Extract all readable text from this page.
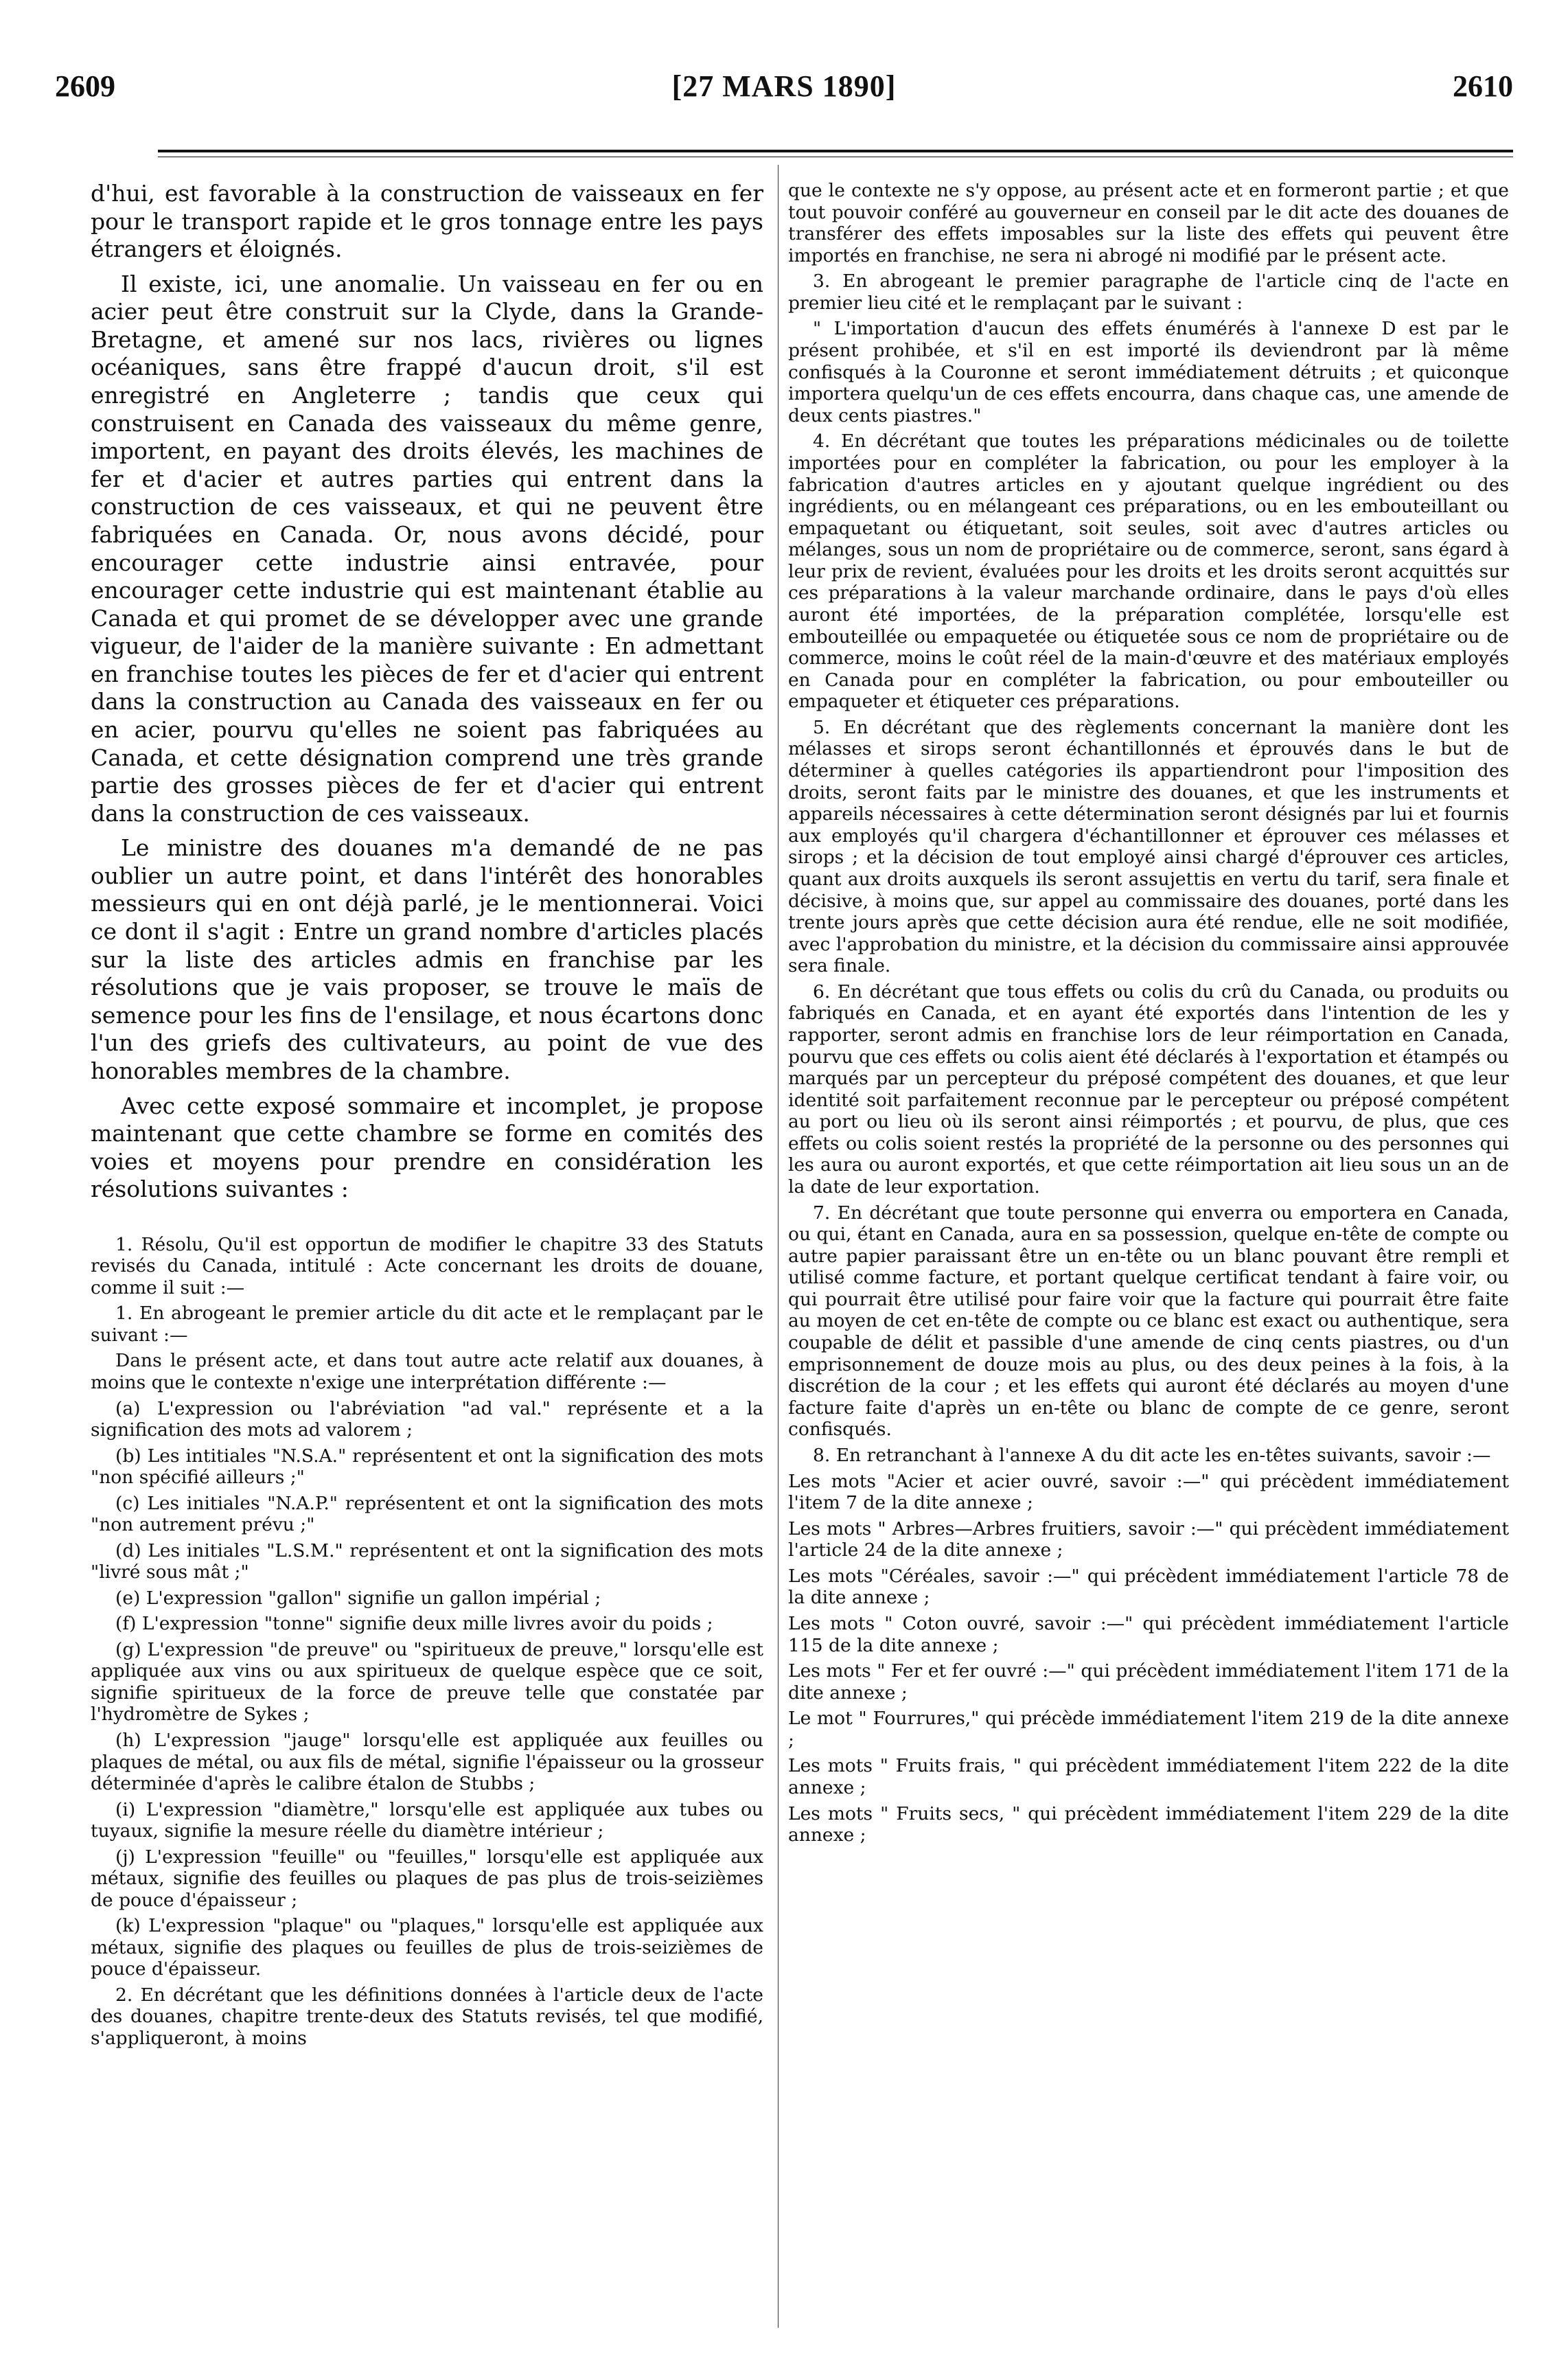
[27 MARS 1890]
2609	2610

d'hui, est favorable à la construction de vaisseaux en fer pour le transport rapide et le gros tonnage entre les pays étrangers et éloignés.

Il existe, ici, une anomalie. Un vaisseau en fer ou en acier peut être construit sur la Clyde, dans la Grande-Bretagne, et amené sur nos lacs, rivières ou lignes océaniques, sans être frappé d'aucun droit, s'il est enregistré en Angleterre ; tandis que ceux qui construisent en Canada des vaisseaux du même genre, importent, en payant des droits élevés, les machines de fer et d'acier et autres parties qui entrent dans la construction de ces vaisseaux, et qui ne peuvent être fabriquées en Canada. Or, nous avons décidé, pour encourager cette industrie ainsi entravée, pour encourager cette industrie qui est maintenant établie au Canada et qui promet de se développer avec une grande vigueur, de l'aider de la manière suivante : En admettant en franchise toutes les pièces de fer et d'acier qui entrent dans la construction au Canada des vaisseaux en fer ou en acier, pourvu qu'elles ne soient pas fabriquées au Canada, et cette désignation comprend une très grande partie des grosses pièces de fer et d'acier qui entrent dans la construction de ces vaisseaux.

Le ministre des douanes m'a demandé de ne pas oublier un autre point, et dans l'intérêt des honorables messieurs qui en ont déjà parlé, je le mentionnerai. Voici ce dont il s'agit : Entre un grand nombre d'articles placés sur la liste des articles admis en franchise par les résolutions que je vais proposer, se trouve le maïs de semence pour les fins de l'ensilage, et nous écartons donc l'un des griefs des cultivateurs, au point de vue des honorables membres de la chambre.

Avec cette exposé sommaire et incomplet, je propose maintenant que cette chambre se forme en comités des voies et moyens pour prendre en considération les résolutions suivantes :

1. Résolu, Qu'il est opportun de modifier le chapitre 33 des Statuts revisés du Canada, intitulé : Acte concernant les droits de douane, comme il suit :—

1. En abrogeant le premier article du dit acte et le remplaçant par le suivant :—

Dans le présent acte, et dans tout autre acte relatif aux douanes, à moins que le contexte n'exige une interprétation différente :—

(a) L'expression ou l'abréviation "ad val." représente et a la signification des mots ad valorem ;

(b) Les intitiales "N.S.A." représentent et ont la signification des mots "non spécifié ailleurs ;"

(c) Les initiales "N.A.P." représentent et ont la signification des mots "non autrement prévu ;"

(d) Les initiales "L.S.M." représentent et ont la signification des mots "livré sous mât ;"

(e) L'expression "gallon" signifie un gallon impérial ;

(f) L'expression "tonne" signifie deux mille livres avoir du poids ;

(g) L'expression "de preuve" ou "spiritueux de preuve," lorsqu'elle est appliquée aux vins ou aux spiritueux de quelque espèce que ce soit, signifie spiritueux de la force de preuve telle que constatée par l'hydromètre de Sykes ;

(h) L'expression "jauge" lorsqu'elle est appliquée aux feuilles ou plaques de métal, ou aux fils de métal, signifie l'épaisseur ou la grosseur déterminée d'après le calibre étalon de Stubbs ;

(i) L'expression "diamètre," lorsqu'elle est appliquée aux tubes ou tuyaux, signifie la mesure réelle du diamètre intérieur ;

(j) L'expression "feuille" ou "feuilles," lorsqu'elle est appliquée aux métaux, signifie des feuilles ou plaques de pas plus de trois-seizièmes de pouce d'épaisseur ;

(k) L'expression "plaque" ou "plaques," lorsqu'elle est appliquée aux métaux, signifie des plaques ou feuilles de plus de trois-seizièmes de pouce d'épaisseur.

2. En décrétant que les définitions données à l'article deux de l'acte des douanes, chapitre trente-deux des Statuts revisés, tel que modifié, s'appliqueront, à moins

que le contexte ne s'y oppose, au présent acte et en formeront partie ; et que tout pouvoir conféré au gouverneur en conseil par le dit acte des douanes de transférer des effets imposables sur la liste des effets qui peuvent être importés en franchise, ne sera ni abrogé ni modifié par le présent acte.

3. En abrogeant le premier paragraphe de l'article cinq de l'acte en premier lieu cité et le remplaçant par le suivant :

" L'importation d'aucun des effets énumérés à l'annexe D est par le présent prohibée, et s'il en est importé ils deviendront par là même confisqués à la Couronne et seront immédiatement détruits ; et quiconque importera quelqu'un de ces effets encourra, dans chaque cas, une amende de deux cents piastres."

4. En décrétant que toutes les préparations médicinales ou de toilette importées pour en compléter la fabrication, ou pour les employer à la fabrication d'autres articles en y ajoutant quelque ingrédient ou des ingrédients, ou en mélangeant ces préparations, ou en les embouteillant ou empaquetant ou étiquetant, soit seules, soit avec d'autres articles ou mélanges, sous un nom de propriétaire ou de commerce, seront, sans égard à leur prix de revient, évaluées pour les droits et les droits seront acquittés sur ces préparations à la valeur marchande ordinaire, dans le pays d'où elles auront été importées, de la préparation complétée, lorsqu'elle est embouteillée ou empaquetée ou étiquetée sous ce nom de propriétaire ou de commerce, moins le coût réel de la main-d'œuvre et des matériaux employés en Canada pour en compléter la fabrication, ou pour embouteiller ou empaqueter et étiqueter ces préparations.

5. En décrétant que des règlements concernant la manière dont les mélasses et sirops seront échantillonnés et éprouvés dans le but de déterminer à quelles catégories ils appartiendront pour l'imposition des droits, seront faits par le ministre des douanes, et que les instruments et appareils nécessaires à cette détermination seront désignés par lui et fournis aux employés qu'il chargera d'échantillonner et éprouver ces mélasses et sirops ; et la décision de tout employé ainsi chargé d'éprouver ces articles, quant aux droits auxquels ils seront assujettis en vertu du tarif, sera finale et décisive, à moins que, sur appel au commissaire des douanes, porté dans les trente jours après que cette décision aura été rendue, elle ne soit modifiée, avec l'approbation du ministre, et la décision du commissaire ainsi approuvée sera finale.

6. En décrétant que tous effets ou colis du crû du Canada, ou produits ou fabriqués en Canada, et en ayant été exportés dans l'intention de les y rapporter, seront admis en franchise lors de leur réimportation en Canada, pourvu que ces effets ou colis aient été déclarés à l'exportation et étampés ou marqués par un percepteur du préposé compétent des douanes, et que leur identité soit parfaitement reconnue par le percepteur ou préposé compétent au port ou lieu où ils seront ainsi réimportés ; et pourvu, de plus, que ces effets ou colis soient restés la propriété de la personne ou des personnes qui les aura ou auront exportés, et que cette réimportation ait lieu sous un an de la date de leur exportation.

7. En décrétant que toute personne qui enverra ou emportera en Canada, ou qui, étant en Canada, aura en sa possession, quelque en-tête de compte ou autre papier paraissant être un en-tête ou un blanc pouvant être rempli et utilisé comme facture, et portant quelque certificat tendant à faire voir, ou qui pourrait être utilisé pour faire voir que la facture qui pourrait être faite au moyen de cet en-tête de compte ou ce blanc est exact ou authentique, sera coupable de délit et passible d'une amende de cinq cents piastres, ou d'un emprisonnement de douze mois au plus, ou des deux peines à la fois, à la discrétion de la cour ; et les effets qui auront été déclarés au moyen d'une facture faite d'après un en-tête ou blanc de compte de ce genre, seront confisqués.

8. En retranchant à l'annexe A du dit acte les en-têtes suivants, savoir :—

Les mots "Acier et acier ouvré, savoir :—" qui précèdent immédiatement l'item 7 de la dite annexe ;

Les mots " Arbres—Arbres fruitiers, savoir :—" qui précèdent immédiatement l'article 24 de la dite annexe ;

Les mots "Céréales, savoir :—" qui précèdent immédiatement l'article 78 de la dite annexe ;

Les mots " Coton ouvré, savoir :—" qui précèdent immédiatement l'article 115 de la dite annexe ;

Les mots " Fer et fer ouvré :—" qui précèdent immédiatement l'item 171 de la dite annexe ;

Le mot " Fourrures," qui précède immédiatement l'item 219 de la dite annexe ;

Les mots " Fruits frais, " qui précèdent immédiatement l'item 222 de la dite annexe ;

Les mots " Fruits secs, " qui précèdent immédiatement l'item 229 de la dite annexe ;
